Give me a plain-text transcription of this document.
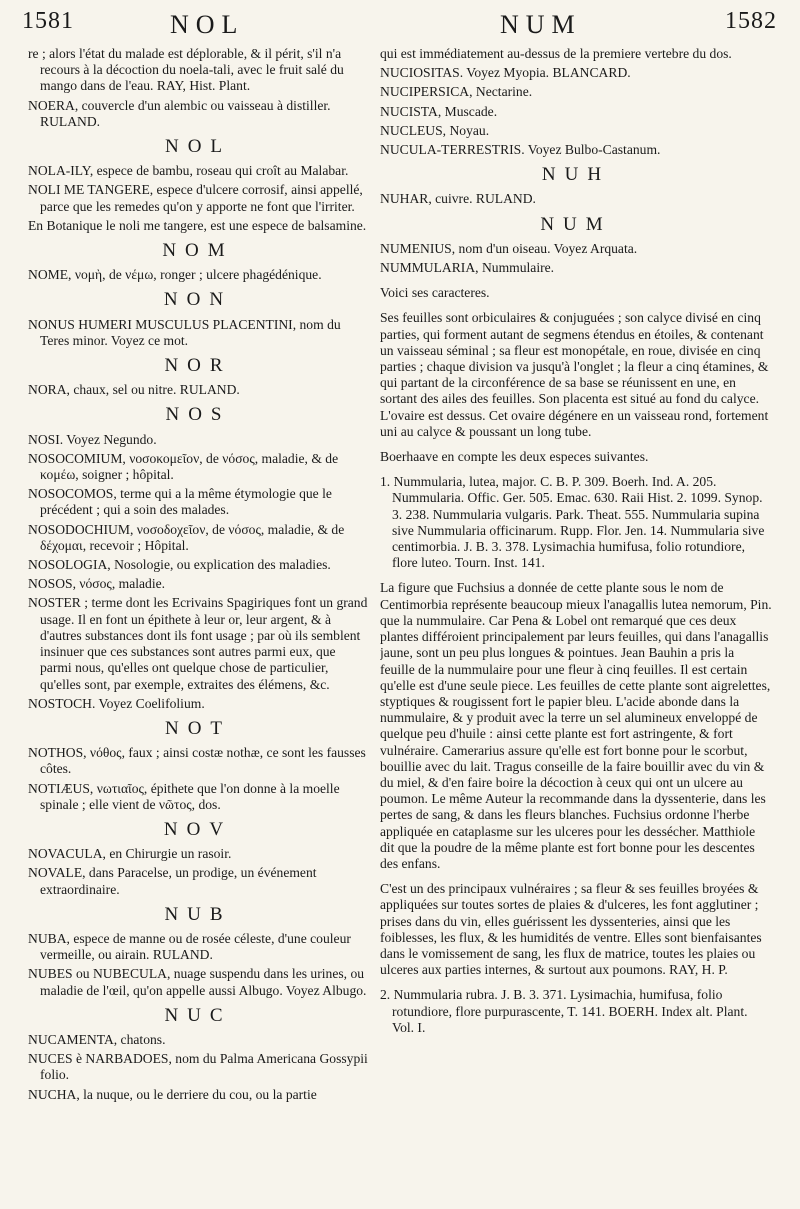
1581	NOL	NUM	1582

re ; alors l'état du malade est déplorable, & il périt, s'il n'a recours à la décoction du noela-tali, avec le fruit salé du mango dans de l'eau. RAY, Hist. Plant.

NOERA, couvercle d'un alembic ou vaisseau à distiller. RULAND.

NOL

NOLA-ILY, espece de bambu, roseau qui croît au Malabar.

NOLI ME TANGERE, espece d'ulcere corrosif, ainsi appellé, parce que les remedes qu'on y apporte ne font que l'irriter.

En Botanique le noli me tangere, est une espece de balsamine.

NOM

NOME, νομὴ, de νέμω, ronger ; ulcere phagédénique.

NON

NONUS HUMERI MUSCULUS PLACENTINI, nom du Teres minor. Voyez ce mot.

NOR

NORA, chaux, sel ou nitre. RULAND.

NOS

NOSI. Voyez Negundo.

NOSOCOMIUM, νοσοκομεῖον, de νόσος, maladie, & de κομέω, soigner ; hôpital.

NOSOCOMOS, terme qui a la même étymologie que le précédent ; qui a soin des malades.

NOSODOCHIUM, νοσοδοχεῖον, de νόσος, maladie, & de δέχομαι, recevoir ; Hôpital.

NOSOLOGIA, Nosologie, ou explication des maladies.

NOSOS, νόσος, maladie.

NOSTER ; terme dont les Ecrivains Spagiriques font un grand usage. Il en font un épithete à leur or, leur argent, & à d'autres substances dont ils font usage ; par où ils semblent insinuer que ces substances sont autres parmi eux, que parmi nous, qu'elles ont quelque chose de particulier, qu'elles sont, par exemple, extraites des élémens, &c.

NOSTOCH. Voyez Coelifolium.

NOT

NOTHOS, νόθος, faux ; ainsi costæ nothæ, ce sont les fausses côtes.

NOTIÆUS, νωτιαῖος, épithete que l'on donne à la moelle spinale ; elle vient de νῶτος, dos.

NOV

NOVACULA, en Chirurgie un rasoir.

NOVALE, dans Paracelse, un prodige, un événement extraordinaire.

NUB

NUBA, espece de manne ou de rosée céleste, d'une couleur vermeille, ou airain. RULAND.

NUBES ou NUBECULA, nuage suspendu dans les urines, ou maladie de l'œil, qu'on appelle aussi Albugo. Voyez Albugo.

NUC

NUCAMENTA, chatons.

NUCES è NARBADOES, nom du Palma Americana Gossypii folio.

NUCHA, la nuque, ou le derriere du cou, ou la partie

qui est immédiatement au-dessus de la premiere vertebre du dos.

NUCIOSITAS. Voyez Myopia. BLANCARD.

NUCIPERSICA, Nectarine.

NUCISTA, Muscade.

NUCLEUS, Noyau.

NUCULA-TERRESTRIS. Voyez Bulbo-Castanum.

NUH

NUHAR, cuivre. RULAND.

NUM

NUMENIUS, nom d'un oiseau. Voyez Arquata.

NUMMULARIA, Nummulaire.

Voici ses caracteres.

Ses feuilles sont orbiculaires & conjuguées ; son calyce divisé en cinq parties, qui forment autant de segmens étendus en étoiles, & contenant un vaisseau séminal ; sa fleur est monopétale, en roue, divisée en cinq parties ; chaque division va jusqu'à l'onglet ; la fleur a cinq étamines, & qui partant de la circonférence de sa base se réunissent en une, en sortant des ailes des feuilles. Son placenta est situé au fond du calyce. L'ovaire est dessus. Cet ovaire dégénere en un vaisseau rond, fortement uni au calyce & poussant un long tube.

Boerhaave en compte les deux especes suivantes.

1. Nummularia, lutea, major. C. B. P. 309. Boerh. Ind. A. 205. Nummularia. Offic. Ger. 505. Emac. 630. Raii Hist. 2. 1099. Synop. 3. 238. Nummularia vulgaris. Park. Theat. 555. Nummularia supina sive Nummularia officinarum. Rupp. Flor. Jen. 14. Nummularia sive centimorbia. J. B. 3. 378. Lysimachia humifusa, folio rotundiore, flore luteo. Tourn. Inst. 141.

La figure que Fuchsius a donnée de cette plante sous le nom de Centimorbia représente beaucoup mieux l'anagallis lutea nemorum, Pin. que la nummulaire. Car Pena & Lobel ont remarqué que ces deux plantes différoient principalement par leurs feuilles, qui dans l'anagallis jaune, sont un peu plus longues & pointues. Jean Bauhin a pris la feuille de la nummulaire pour une fleur à cinq feuilles. Il est certain qu'elle est d'une seule piece. Les feuilles de cette plante sont aigrelettes, styptiques & rougissent fort le papier bleu. L'acide abonde dans la nummulaire, & y produit avec la terre un sel alumineux enveloppé de quelque peu d'huile : ainsi cette plante est fort astringente, & fort vulnéraire. Camerarius assure qu'elle est fort bonne pour le scorbut, bouillie avec du lait. Tragus conseille de la faire bouillir avec du vin & du miel, & d'en faire boire la décoction à ceux qui ont un ulcere au poumon. Le même Auteur la recommande dans la dyssenterie, dans les pertes de sang, & dans les fleurs blanches. Fuchsius ordonne l'herbe appliquée en cataplasme sur les ulceres pour les dessécher. Matthiole dit que la poudre de la même plante est fort bonne pour les descentes des enfans.

C'est un des principaux vulnéraires ; sa fleur & ses feuilles broyées & appliquées sur toutes sortes de plaies & d'ulceres, les font agglutiner ; prises dans du vin, elles guérissent les dyssenteries, ainsi que les foiblesses, les flux, & les humidités de ventre. Elles sont bienfaisantes dans le vomissement de sang, les flux de matrice, toutes les plaies ou ulceres aux parties internes, & surtout aux poumons. RAY, H. P.

2. Nummularia rubra. J. B. 3. 371. Lysimachia, humifusa, folio rotundiore, flore purpurascente, T. 141. BOERH. Index alt. Plant. Vol. I.
